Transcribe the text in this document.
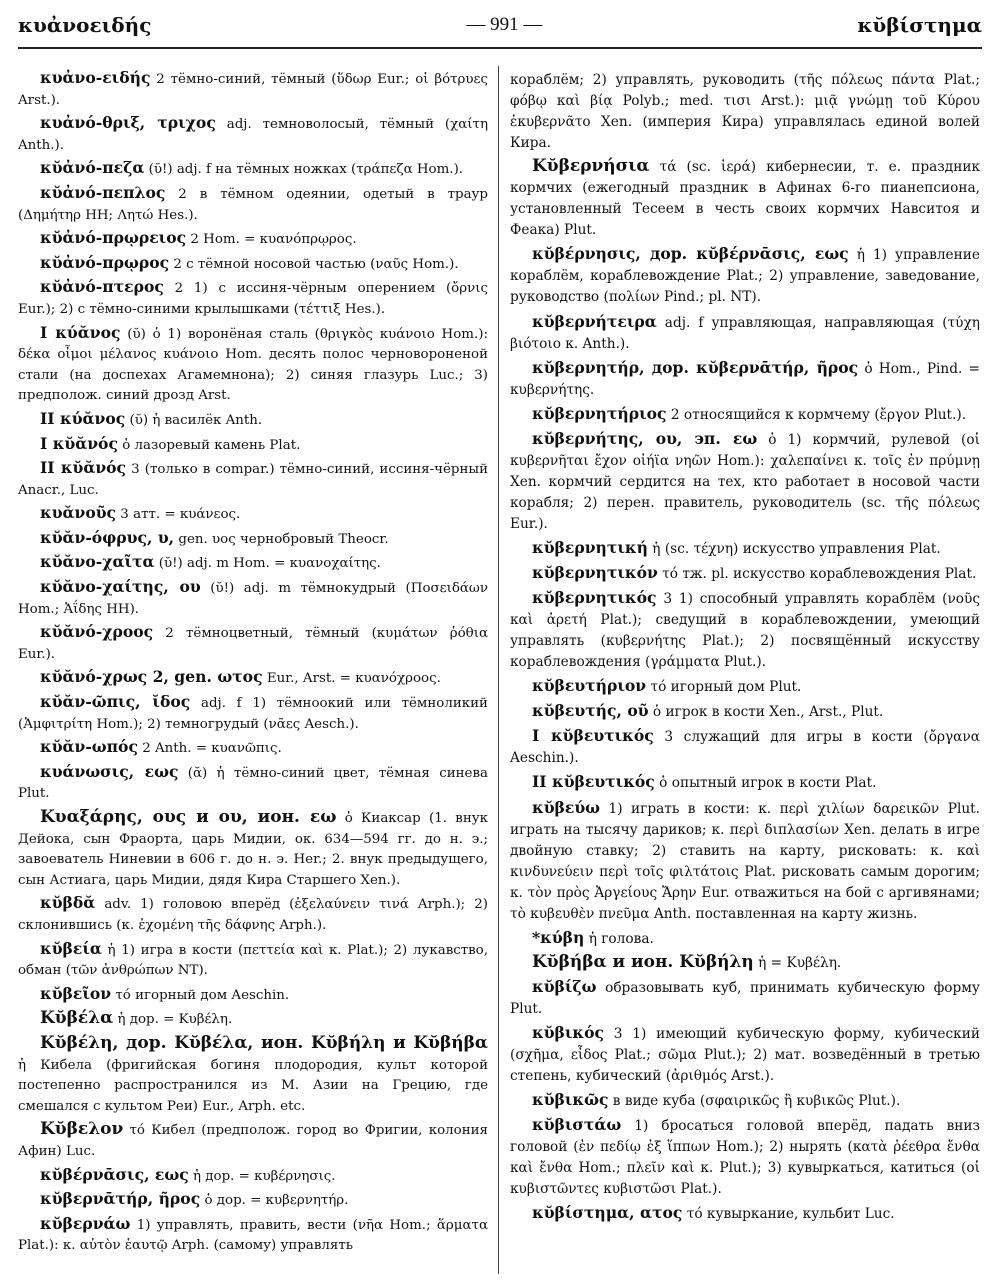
κυἀνοειδής	— 991 —	κῠβίστημα

κυἀνο-ειδής 2 тёмно-синий, тёмный (ὕδωρ Eur.; οἱ βότρυες Arst.).

κυἀνό-θριξ, τριχος adj. темноволосый, тёмный (χαίτη Anth.).

κῠἀνό-πεζα (ῠ!) adj. f на тёмных ножках (τράπεζα Hom.).

κῠἀνό-πεπλος 2 в тёмном одеянии, одетый в траур (Δημήτηρ HH; Λητώ Hes.).

κῠἀνό-πρῳρειος 2 Hom. = κυανόπρῳρος.

κῠἀνό-πρῳρος 2 с тёмной носовой частью (ναῦς Hom.).

κῠἀνό-πτερος 2 1) с иссиня-чёрным оперением (ὄρνις Eur.); 2) с тёмно-синими крылышками (τέττιξ Hes.).

I κύᾰνος (ῠ) ὁ 1) воронёная сталь (θριγκὸς κυάνοιο Hom.): δέκα οἶμοι μέλανος κυάνοιο Hom. десять полос черновороненой стали (на доспехах Агамемнона); 2) синяя глазурь Luc.; 3) предполож. синий дрозд Arst.

II κύᾰνος (ῠ) ἡ василёк Anth.

I κῠᾰνός ὁ лазоревый камень Plat.

II κῠᾰνός 3 (только в compar.) тёмно-синий, иссиня-чёрный Anacr., Luc.

κυᾰνοῦς 3 атт. = κυάνεος.

κῠᾰν-όφρυς, υ, gen. υος чернобровый Theocr.

κῠᾰνο-χαῖτα (ῠ!) adj. m Hom. = κυανοχαίτης.

κῠᾰνο-χαίτης, ου (ῠ!) adj. m тёмнокудрый (Ποσειδάων Hom.; Ἀΐδης HH).

κῠᾰνό-χροος 2 тёмноцветный, тёмный (κυμάτων ῥόθια Eur.).

κῠᾰνό-χρως 2, gen. ωτος Eur., Arst. = κυανόχροος.

κῠᾰν-ῶπις, ῐδος adj. f 1) тёмноокий или тёмноликий (Ἀμφιτρίτη Hom.); 2) темногрудый (νᾶες Aesch.).

κῠᾰν-ωπός 2 Anth. = κυανῶπις.

κυάνωσις, εως (ᾰ) ἡ тёмно-синий цвет, тёмная синева Plut.

Κυαξάρης, ους и ου, ион. εω ὁ Киаксар (1. внук Дейока, сын Фраорта, царь Мидии, ок. 634—594 гг. до н. э.; завоеватель Ниневии в 606 г. до н. э. Her.; 2. внук предыдущего, сын Астиага, царь Мидии, дядя Кира Старшего Xen.).

κῠβδᾰ adv. 1) головою вперёд (ἐξελαύνειν τινά Arph.); 2) склонившись (κ. ἐχομένη τῆς δάφνης Arph.).

κῠβεία ἡ 1) игра в кости (πεττεία καὶ κ. Plat.); 2) лукавство, обман (τῶν ἀνθρώπων NT).

κῠβεῖον τό игорный дом Aeschin.

Κῠβέλα ἡ дор. = Κυβέλη.

Κῠβέλη, дор. Κῠβέλα, ион. Κῠβήλη и Κῠβήβα ἡ Кибела (фригийская богиня плодородия, культ которой постепенно распространился из М. Азии на Грецию, где смешался с культом Реи) Eur., Arph. etc.

Κῠβελον τό Кибел (предполож. город во Фригии, колония Афин) Luc.

κῠβέρνᾱσις, εως ἡ дор. = κυβέρνησις.

κῠβερνᾱτήρ, ῆρος ὁ дор. = κυβερνητήρ.

κῠβερνάω 1) управлять, править, вести (νῆα Hom.; ἅρματα Plat.): κ. αὐτὸν ἑαυτῷ Arph. (самому) управлять

кораблём; 2) управлять, руководить (τῆς πόλεως πάντα Plat.; φόβῳ καὶ βίᾳ Polyb.; med. τισι Arst.): μιᾷ γνώμῃ τοῦ Κύρου ἐκυβερνᾶτο Xen. (империя Кира) управлялась единой волей Кира.

Κῠβερνήσια τά (sc. ἱερά) кибернесии, т. е. праздник кормчих (ежегодный праздник в Афинах 6-го пианепсиона, установленный Тесеем в честь своих кормчих Навситоя и Феака) Plut.

κῠβέρνησις, дор. κῠβέρνᾱσις, εως ἡ 1) управление кораблём, кораблевождение Plat.; 2) управление, заведование, руководство (πολίων Pind.; pl. NT).

κῠβερνήτειρα adj. f управляющая, направляющая (τύχη βιότοιο κ. Anth.).

κῠβερνητήρ, дор. κῠβερνᾱτήρ, ῆρος ὁ Hom., Pind. = κυβερνήτης.

κῠβερνητήριος 2 относящийся к кормчему (ἔργον Plut.).

κῠβερνήτης, ου, эп. εω ὁ 1) кормчий, рулевой (οἱ κυβερνῆται ἔχον οἰήϊα νηῶν Hom.): χαλεπαίνει κ. τοῖς ἐν πρύμνῃ Xen. кормчий сердится на тех, кто работает в носовой части корабля; 2) перен. правитель, руководитель (sc. τῆς πόλεως Eur.).

κῠβερνητική ἡ (sc. τέχνη) искусство управления Plat.

κῠβερνητικόν τό тж. pl. искусство кораблевождения Plat.

κῠβερνητικός 3 1) способный управлять кораблём (νοῦς καὶ ἀρετή Plat.); сведущий в кораблевождении, умеющий управлять (κυβερνήτης Plat.); 2) посвящённый искусству кораблевождения (γράμματα Plut.).

κῠβευτήριον τό игорный дом Plut.

κῠβευτής, οῦ ὁ игрок в кости Xen., Arst., Plut.

I κῠβευτικός 3 служащий для игры в кости (ὄργανα Aeschin.).

II κῠβευτικός ὁ опытный игрок в кости Plat.

κῠβεύω 1) играть в кости: κ. περὶ χιλίων δαρεικῶν Plut. играть на тысячу дариков; κ. περὶ διπλασίων Xen. делать в игре двойную ставку; 2) ставить на карту, рисковать: κ. καὶ κινδυνεύειν περὶ τοῖς φιλτάτοις Plat. рисковать самым дорогим; κ. τὸν πρὸς Ἀργείους Ἄρην Eur. отважиться на бой с аргивянами; τὸ κυβευθὲν πνεῦμα Anth. поставленная на карту жизнь.

*κύβη ἡ голова.

Κῠβήβα и ион. Κῠβήλη ἡ = Κυβέλη.

κῠβίζω образовывать куб, принимать кубическую форму Plut.

κῠβικός 3 1) имеющий кубическую форму, кубический (σχῆμα, εἶδος Plat.; σῶμα Plut.); 2) мат. возведённый в третью степень, кубический (ἀριθμός Arst.).

κῠβικῶς в виде куба (σφαιρικῶς ἢ κυβικῶς Plut.).

κῠβιστάω 1) бросаться головой вперёд, падать вниз головой (ἐν πεδίῳ ἐξ ἵππων Hom.); 2) нырять (κατὰ ῥέεθρα ἔνθα καὶ ἔνθα Hom.; πλεῖν καὶ κ. Plut.); 3) кувыркаться, катиться (οἱ κυβιστῶντες κυβιστῶσι Plat.).

κῠβίστημα, ατος τό кувыркание, кульбит Luc.
